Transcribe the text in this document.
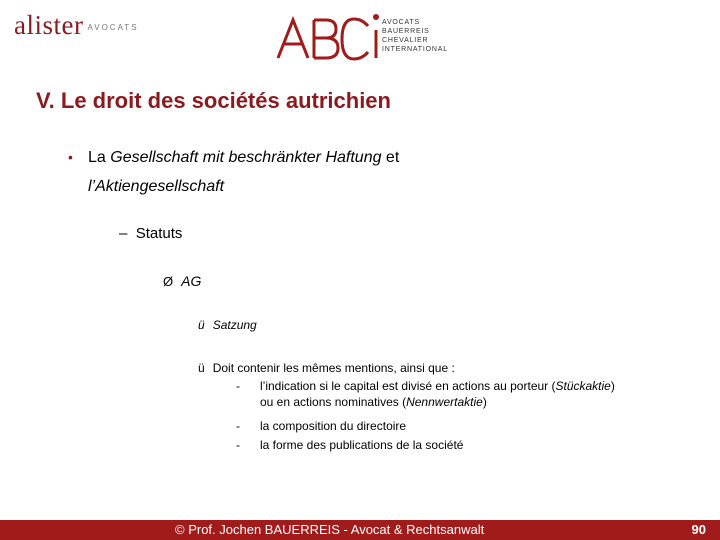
alister $^{AVOCATS}$
AVOCATS
BAUERREIS
CHEVALIER
INTERNATIONAL
V. Le droit des sociétés autrichien
• La Gesellschaft mit beschränkter Haftung et
l’Aktiengesellschaft
– Statuts
Ø AG
ü Satzung
ü Doit contenir les mêmes mentions, ainsi que :
- l’indication si le capital est divisé en actions au porteur (Stückaktie) ou en actions nominatives (Nennwertaktie)
- la composition du directoire
- la forme des publications de la société
© Prof. Jochen BAUERREIS - Avocat & Rechtsanwalt	90
